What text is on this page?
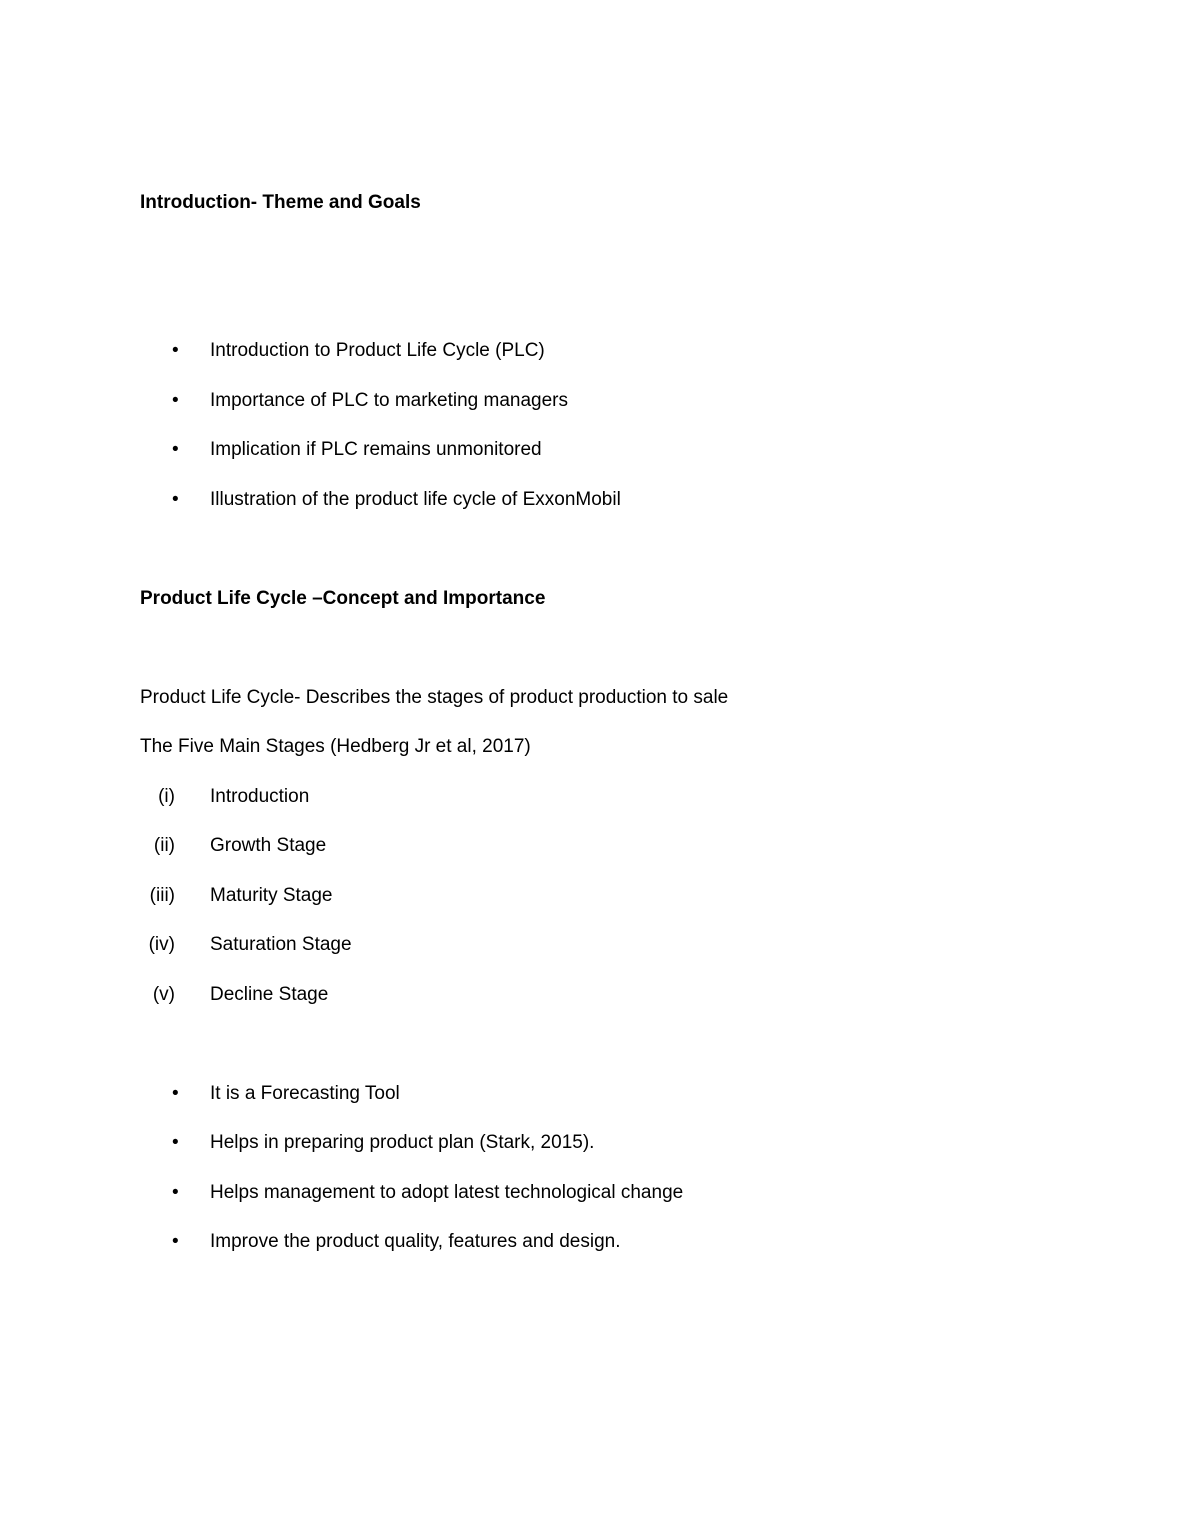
Introduction- Theme and Goals
• Introduction to Product Life Cycle (PLC)
• Importance of PLC to marketing managers
• Implication if PLC remains unmonitored
• Illustration of the product life cycle of ExxonMobil
Product Life Cycle –Concept and Importance
Product Life Cycle- Describes the stages of product production to sale
The Five Main Stages (Hedberg Jr et al, 2017)
(i) Introduction
(ii) Growth Stage
(iii) Maturity Stage
(iv) Saturation Stage
(v) Decline Stage
• It is a Forecasting Tool
• Helps in preparing product plan (Stark, 2015).
• Helps management to adopt latest technological change
• Improve the product quality, features and design.
